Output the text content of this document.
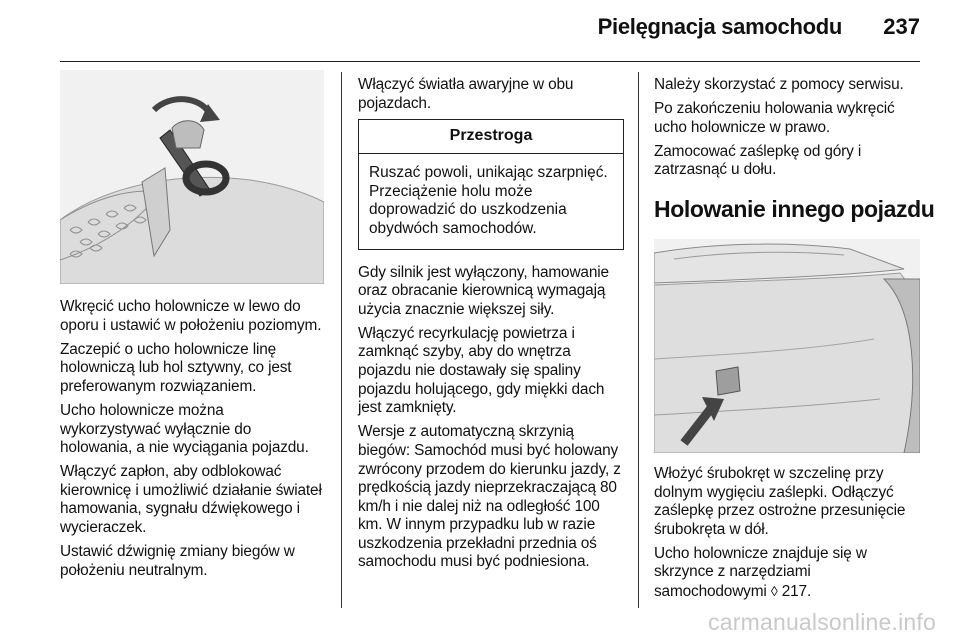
Pielęgnacja samochodu 237

Wkręcić ucho holownicze w lewo do oporu i ustawić w położeniu poziomym.

Zaczepić o ucho holownicze linę holowniczą lub hol sztywny, co jest preferowanym rozwiązaniem.

Ucho holownicze można wykorzystywać wyłącznie do holowania, a nie wyciągania pojazdu.

Włączyć zapłon, aby odblokować kierownicę i umożliwić działanie świateł hamowania, sygnału dźwiękowego i wycieraczek.

Ustawić dźwignię zmiany biegów w położeniu neutralnym.

Włączyć światła awaryjne w obu pojazdach.

Przestroga
Ruszać powoli, unikając szarpnięć. Przeciążenie holu może doprowadzić do uszkodzenia obydwóch samochodów.

Gdy silnik jest wyłączony, hamowanie oraz obracanie kierownicą wymagają użycia znacznie większej siły.

Włączyć recyrkulację powietrza i zamknąć szyby, aby do wnętrza pojazdu nie dostawały się spaliny pojazdu holującego, gdy miękki dach jest zamknięty.

Wersje z automatyczną skrzynią biegów: Samochód musi być holowany zwrócony przodem do kierunku jazdy, z prędkością jazdy nieprzekraczającą 80 km/h i nie dalej niż na odległość 100 km. W innym przypadku lub w razie uszkodzenia przekładni przednia oś samochodu musi być podniesiona.

Należy skorzystać z pomocy serwisu.

Po zakończeniu holowania wykręcić ucho holownicze w prawo.

Zamocować zaślepkę od góry i zatrzasnąć u dołu.

Holowanie innego pojazdu

Włożyć śrubokręt w szczelinę przy dolnym wygięciu zaślepki. Odłączyć zaślepkę przez ostrożne przesunięcie śrubokręta w dół.

Ucho holownicze znajduje się w skrzynce z narzędziami samochodowymi ◊ 217.

carmanualsonline.info
